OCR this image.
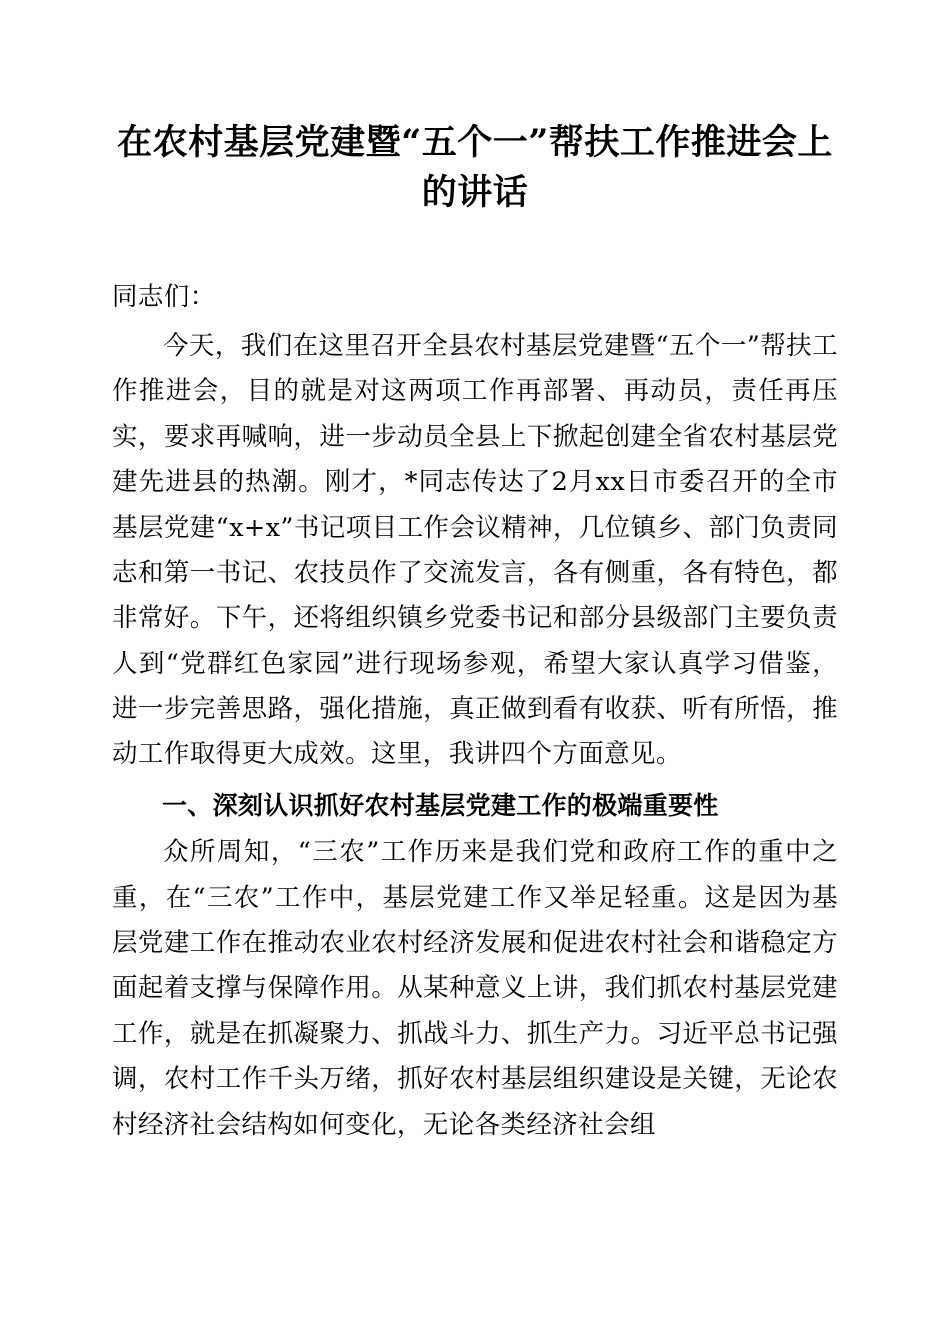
在农村基层党建暨“五个一”帮扶工作推进会上的讲话

同志们：

今天，我们在这里召开全县农村基层党建暨“五个一”帮扶工作推进会，目的就是对这两项工作再部署、再动员，责任再压实，要求再喊响，进一步动员全县上下掀起创建全省农村基层党建先进县的热潮。刚才，*同志传达了2月xx日市委召开的全市基层党建“x+x”书记项目工作会议精神，几位镇乡、部门负责同志和第一书记、农技员作了交流发言，各有侧重，各有特色，都非常好。下午，还将组织镇乡党委书记和部分县级部门主要负责人到“党群红色家园”进行现场参观，希望大家认真学习借鉴，进一步完善思路，强化措施，真正做到看有收获、听有所悟，推动工作取得更大成效。这里，我讲四个方面意见。

一、深刻认识抓好农村基层党建工作的极端重要性

众所周知，“三农”工作历来是我们党和政府工作的重中之重，在“三农”工作中，基层党建工作又举足轻重。这是因为基层党建工作在推动农业农村经济发展和促进农村社会和谐稳定方面起着支撑与保障作用。从某种意义上讲，我们抓农村基层党建工作，就是在抓凝聚力、抓战斗力、抓生产力。习近平总书记强调，农村工作千头万绪，抓好农村基层组织建设是关键，无论农村经济社会结构如何变化，无论各类经济社会组
